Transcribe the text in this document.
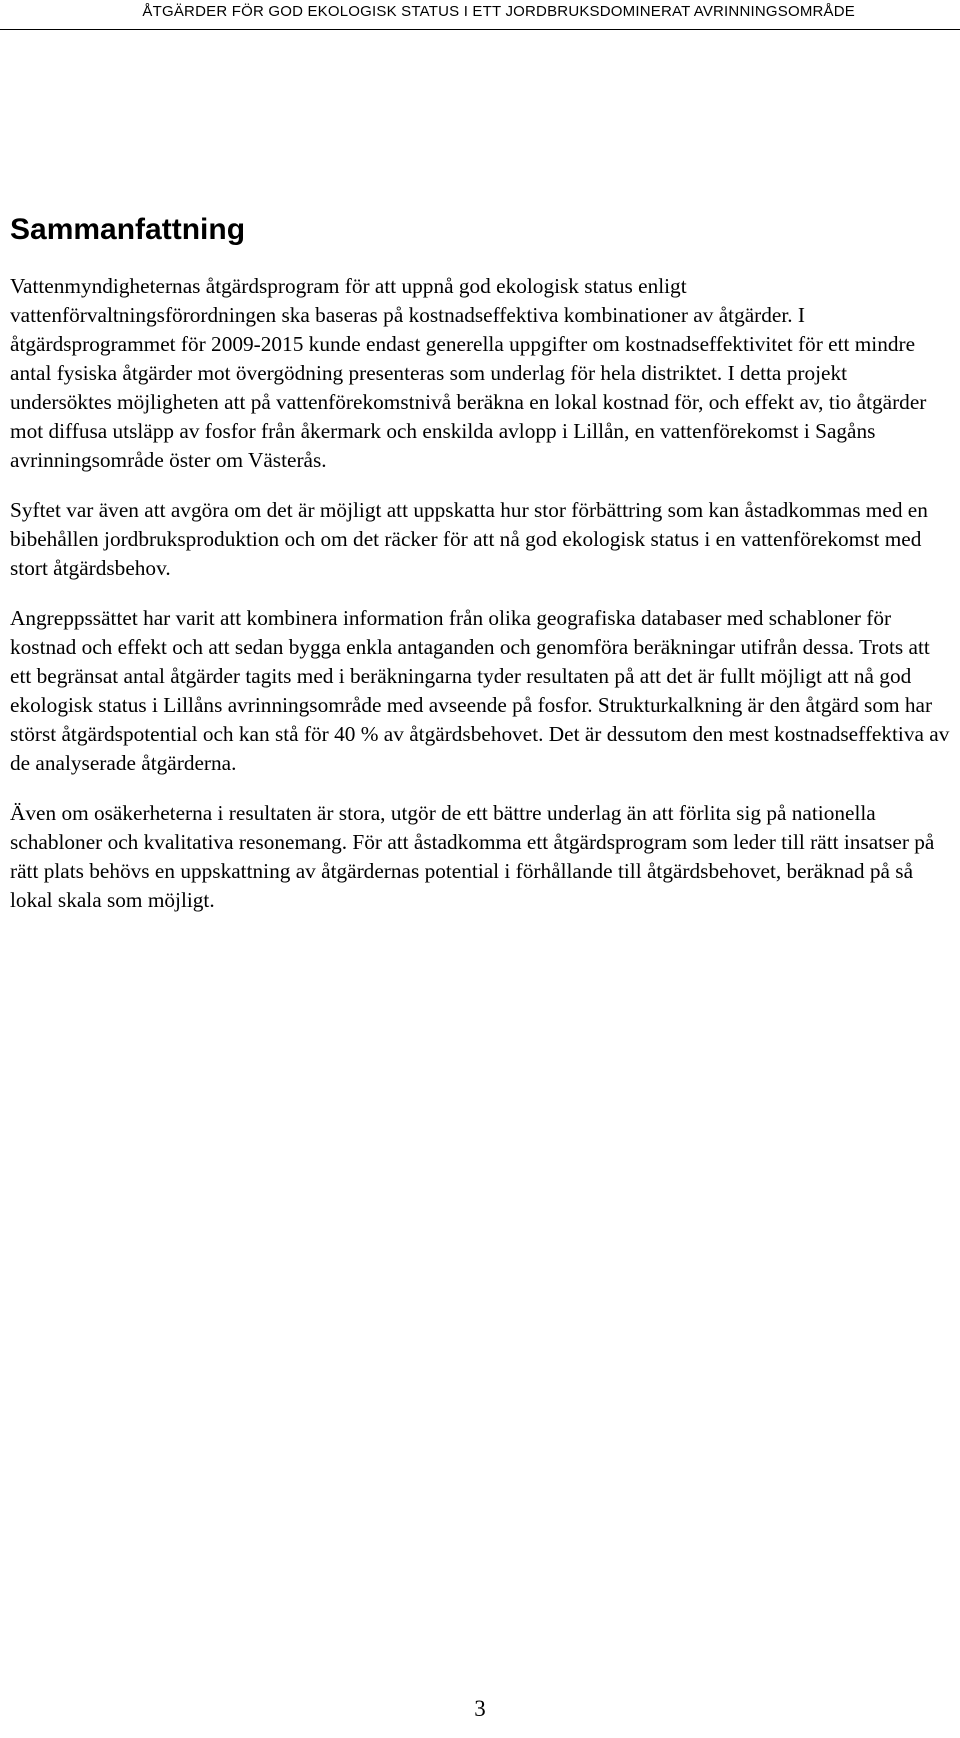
ÅTGÄRDER FÖR GOD EKOLOGISK STATUS I ETT JORDBRUKSDOMINERAT AVRINNINGSOMRÅDE
Sammanfattning

Vattenmyndigheternas åtgärdsprogram för att uppnå god ekologisk status enligt vattenförvaltningsförordningen ska baseras på kostnadseffektiva kombinationer av åtgärder. I åtgärdsprogrammet för 2009-2015 kunde endast generella uppgifter om kostnadseffektivitet för ett mindre antal fysiska åtgärder mot övergödning presenteras som underlag för hela distriktet. I detta projekt undersöktes möjligheten att på vattenförekomstnivå beräkna en lokal kostnad för, och effekt av, tio åtgärder mot diffusa utsläpp av fosfor från åkermark och enskilda avlopp i Lillån, en vattenförekomst i Sagåns avrinningsområde öster om Västerås.

Syftet var även att avgöra om det är möjligt att uppskatta hur stor förbättring som kan åstadkommas med en bibehållen jordbruksproduktion och om det räcker för att nå god ekologisk status i en vattenförekomst med stort åtgärdsbehov.

Angreppssättet har varit att kombinera information från olika geografiska databaser med schabloner för kostnad och effekt och att sedan bygga enkla antaganden och genomföra beräkningar utifrån dessa. Trots att ett begränsat antal åtgärder tagits med i beräkningarna tyder resultaten på att det är fullt möjligt att nå god ekologisk status i Lillåns avrinningsområde med avseende på fosfor. Strukturkalkning är den åtgärd som har störst åtgärdspotential och kan stå för 40 % av åtgärdsbehovet. Det är dessutom den mest kostnadseffektiva av de analyserade åtgärderna.

Även om osäkerheterna i resultaten är stora, utgör de ett bättre underlag än att förlita sig på nationella schabloner och kvalitativa resonemang. För att åstadkomma ett åtgärdsprogram som leder till rätt insatser på rätt plats behövs en uppskattning av åtgärdernas potential i förhållande till åtgärdsbehovet, beräknad på så lokal skala som möjligt.

3
